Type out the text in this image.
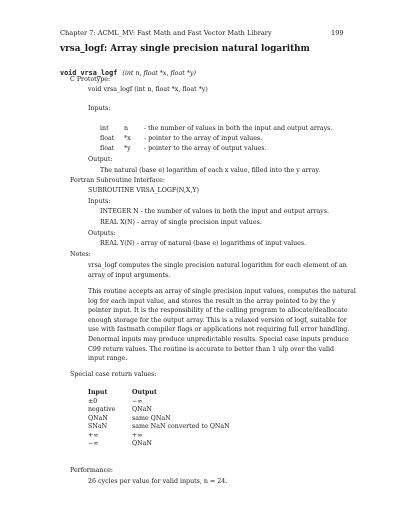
Chapter 7: ACML_MV: Fast Math and Fast Vector Math Library	199
vrsa_logf: Array single precision natural logarithm
void vrsa_logf (int n, float *x, float *y)
C Prototype:
void vrsa_logf (int n, float *x, float *y)
Inputs:
int n	- the number of values in both the input and output arrays.
float *x - pointer to the array of input values.
float *y - pointer to the array of output values.
Output:
The natural (base e) logarithm of each x value, filled into the y array.
Fortran Subroutine Interface:
SUBROUTINE VRSA_LOGF(N,X,Y)
Inputs:
INTEGER N - the number of values in both the input and output arrays.
REAL X(N) - array of single precision input values.
Outputs:
REAL Y(N) - array of natural (base e) logarithms of input values.
Notes:
vrsa_logf computes the single precision natural logarithm for each element of an
array of input arguments.
This routine accepts an array of single precision input values, computes the natural
log for each input value, and stores the result in the array pointed to by the y
pointer input. It is the responsibility of the calling program to allocate/deallocate
enough storage for the output array. This is a relaxed version of logf, suitable for
use with fastmath compiler flags or applications not requiring full error handling.
Denormal inputs may produce unpredictable results. Special case inputs produce
C99 return values. The routine is accurate to better than 1 ulp over the valid
input range.
Special case return values:
Input	Output
±0	−∞
negative	QNaN
QNaN	same QNaN
SNaN	same NaN converted to QNaN
+∞	+∞
−∞	QNaN
Performance:
26 cycles per value for valid inputs, n = 24.
